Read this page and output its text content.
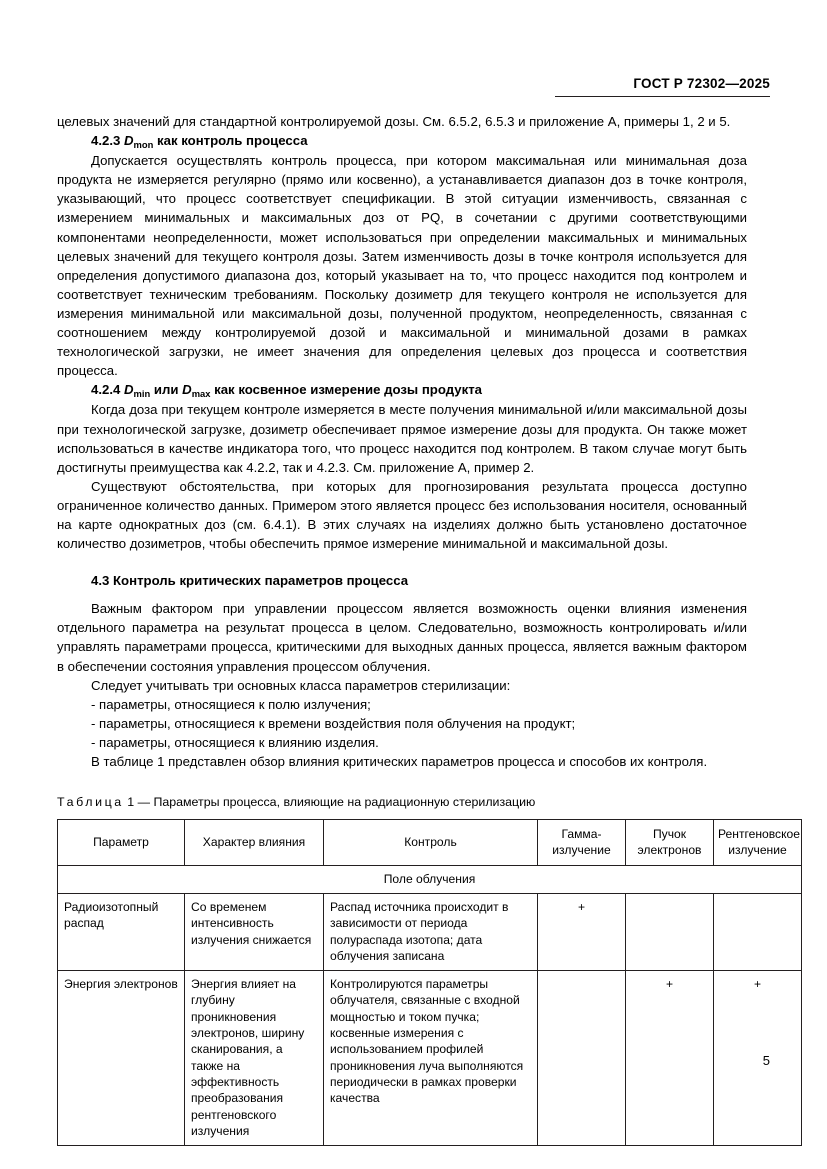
ГОСТ Р 72302—2025

целевых значений для стандартной контролируемой дозы. См. 6.5.2, 6.5.3 и приложение А, примеры 1, 2 и 5.

4.2.3 $D_{mon}$ как контроль процесса

Допускается осуществлять контроль процесса, при котором максимальная или минимальная доза продукта не измеряется регулярно (прямо или косвенно), а устанавливается диапазон доз в точке контроля, указывающий, что процесс соответствует спецификации. В этой ситуации изменчивость, связанная с измерением минимальных и максимальных доз от PQ, в сочетании с другими соответствующими компонентами неопределенности, может использоваться при определении максимальных и минимальных целевых значений для текущего контроля дозы. Затем изменчивость дозы в точке контроля используется для определения допустимого диапазона доз, который указывает на то, что процесс находится под контролем и соответствует техническим требованиям. Поскольку дозиметр для текущего контроля не используется для измерения минимальной или максимальной дозы, полученной продуктом, неопределенность, связанная с соотношением между контролируемой дозой и максимальной и минимальной дозами в рамках технологической загрузки, не имеет значения для определения целевых доз процесса и соответствия процесса.

4.2.4 $D_{min}$ или $D_{max}$ как косвенное измерение дозы продукта

Когда доза при текущем контроле измеряется в месте получения минимальной и/или максимальной дозы при технологической загрузке, дозиметр обеспечивает прямое измерение дозы для продукта. Он также может использоваться в качестве индикатора того, что процесс находится под контролем. В таком случае могут быть достигнуты преимущества как 4.2.2, так и 4.2.3. См. приложение А, пример 2.

Существуют обстоятельства, при которых для прогнозирования результата процесса доступно ограниченное количество данных. Примером этого является процесс без использования носителя, основанный на карте однократных доз (см. 6.4.1). В этих случаях на изделиях должно быть установлено достаточное количество дозиметров, чтобы обеспечить прямое измерение минимальной и максимальной дозы.

4.3 Контроль критических параметров процесса

Важным фактором при управлении процессом является возможность оценки влияния изменения отдельного параметра на результат процесса в целом. Следовательно, возможность контролировать и/или управлять параметрами процесса, критическими для выходных данных процесса, является важным фактором в обеспечении состояния управления процессом облучения.

Следует учитывать три основных класса параметров стерилизации:

- параметры, относящиеся к полю излучения;
- параметры, относящиеся к времени воздействия поля облучения на продукт;
- параметры, относящиеся к влиянию изделия.

В таблице 1 представлен обзор влияния критических параметров процесса и способов их контроля.

Таблица 1 — Параметры процесса, влияющие на радиационную стерилизацию

Параметр	Характер влияния	Контроль	Гамма-излучение	Пучок электронов	Рентгеновское излучение
Поле облучения					
Радиоизотопный распад	Со временем интенсивность излучения снижается	Распад источника происходит в зависимости от периода полураспада изотопа; дата облучения записана	+		
Энергия электронов	Энергия влияет на глубину проникновения электронов, ширину сканирования, а также на эффективность преобразования рентгеновского излучения	Контролируются параметры облучателя, связанные с входной мощностью и током пучка; косвенные измерения с использованием профилей проникновения луча выполняются периодически в рамках проверки качества		+	+
5
